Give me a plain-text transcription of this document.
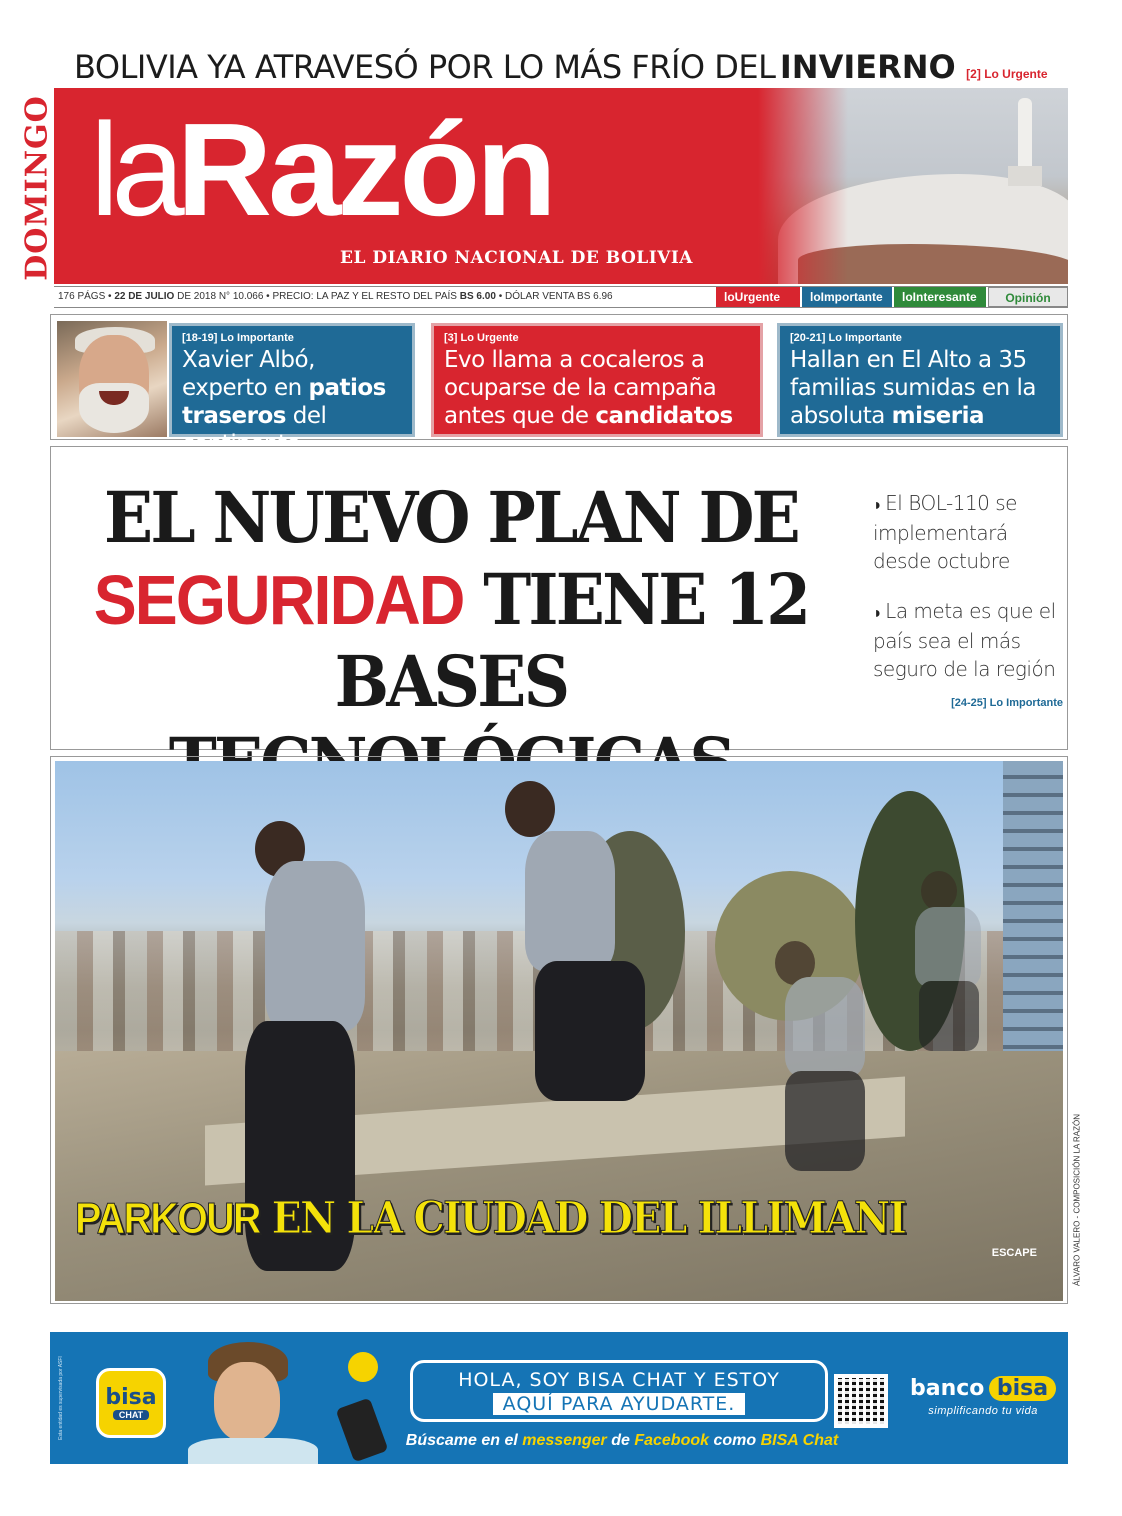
BOLIVIA YA ATRAVESÓ POR LO MÁS FRÍO DEL INVIERNO [2] Lo Urgente
DOMINGO laRazón
EL DIARIO NACIONAL DE BOLIVIA
176 PÁGS • 22 DE JULIO DE 2018 N° 10.066 • PRECIO: LA PAZ Y EL RESTO DEL PAÍS BS 6.00 • DÓLAR VENTA BS 6.96	loUrgente	loImportante	loInteresante	Opinión
[18-19] Lo Importante
Xavier Albó, experto en patios traseros del continente
[3] Lo Urgente
Evo llama a cocaleros a ocuparse de la campaña antes que de candidatos
[20-21] Lo Importante
Hallan en El Alto a 35 familias sumidas en la absoluta miseria
EL NUEVO PLAN DE
SEGURIDAD TIENE 12
BASES
◗ El BOL-110 se implementará desde octubre
◗ La meta es que el país sea el más seguro de la región
[24-25] Lo Importante
PARKOUR EN LA CIUDAD DEL ILLIMANI
ESCAPE	ÁLVARO VALERO - COMPOSICIÓN LA RAZÓN
Esta entidad es supervisada por ASFI bisa
CHAT
HOLA, SOY BISA CHAT Y ESTOY
AQUÍ PARA AYUDARTE.
Búscame en el messenger de Facebook como BISA Chat
banco bisa
simplificando tu vida
